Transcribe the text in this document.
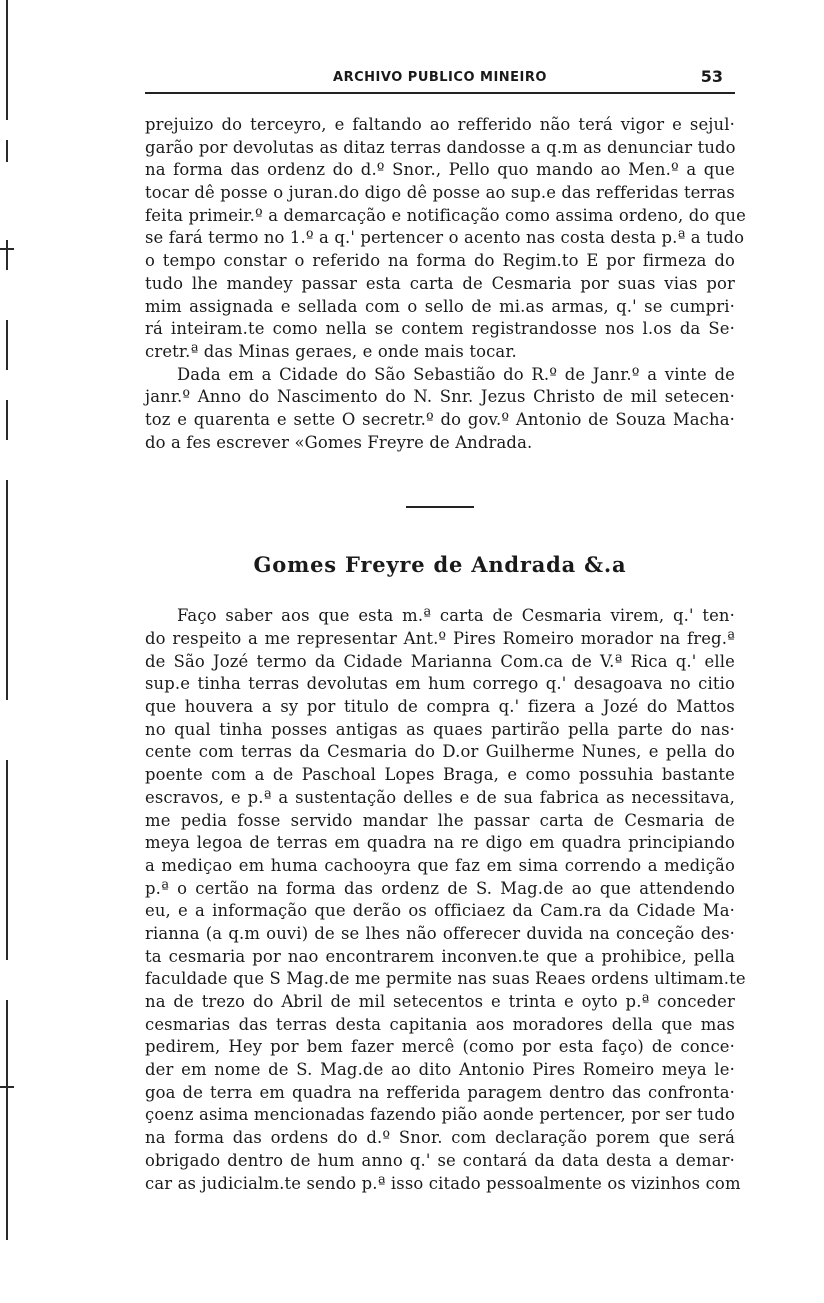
ARCHIVO PUBLICO MINEIRO	53
prejuizo do terceyro, e faltando ao refferido não terá vigor e sejul·
garão por devolutas as ditaz terras dandosse a q.m as denunciar tudo
na forma das ordenz do d.º Snor., Pello quo mando ao Men.º a que
tocar dê posse o juran.do digo dê posse ao sup.e das refferidas terras
feita primeir.º a demarcação e notificação como assima ordeno, do que
se fará termo no 1.º a q.' pertencer o acento nas costa desta p.ª a tudo
o tempo constar o referido na forma do Regim.to E por firmeza do
tudo lhe mandey passar esta carta de Cesmaria por suas vias por
mim assignada e sellada com o sello de mi.as armas, q.' se cumpri·
rá inteiram.te como nella se contem registrandosse nos l.os da Se·
cretr.ª das Minas geraes, e onde mais tocar.
Dada em a Cidade do São Sebastião do R.º de Janr.º a vinte de
janr.º Anno do Nascimento do N. Snr. Jezus Christo de mil setecen·
toz e quarenta e sette O secretr.º do gov.º Antonio de Souza Macha·
do a fes escrever «Gomes Freyre de Andrada.
Gomes Freyre de Andrada &.a
Faço saber aos que esta m.ª carta de Cesmaria virem, q.' ten·
do respeito a me representar Ant.º Pires Romeiro morador na freg.ª
de São Jozé termo da Cidade Marianna Com.ca de V.ª Rica q.' elle
sup.e tinha terras devolutas em hum corrego q.' desagoava no citio
que houvera a sy por titulo de compra q.' fizera a Jozé do Mattos
no qual tinha posses antigas as quaes partirão pella parte do nas·
cente com terras da Cesmaria do D.or Guilherme Nunes, e pella do
poente com a de Paschoal Lopes Braga, e como possuhia bastante
escravos, e p.ª a sustentação delles e de sua fabrica as necessitava,
me pedia fosse servido mandar lhe passar carta de Cesmaria de
meya legoa de terras em quadra na re digo em quadra principiando
a mediçao em huma cachooyra que faz em sima correndo a medição
p.ª o certão na forma das ordenz de S. Mag.de ao que attendendo
eu, e a informação que derão os officiaez da Cam.ra da Cidade Ma·
rianna (a q.m ouvi) de se lhes não offerecer duvida na conceção des·
ta cesmaria por nao encontrarem inconven.te que a prohibice, pella
faculdade que S Mag.de me permite nas suas Reaes ordens ultimam.te
na de trezo do Abril de mil setecentos e trinta e oyto p.ª conceder
cesmarias das terras desta capitania aos moradores della que mas
pedirem, Hey por bem fazer mercê (como por esta faço) de conce·
der em nome de S. Mag.de ao dito Antonio Pires Romeiro meya le·
goa de terra em quadra na refferida paragem dentro das confronta·
çoenz asima mencionadas fazendo pião aonde pertencer, por ser tudo
na forma das ordens do d.º Snor. com declaração porem que será
obrigado dentro de hum anno q.' se contará da data desta a demar·
car as judicialm.te sendo p.ª isso citado pessoalmente os vizinhos com
